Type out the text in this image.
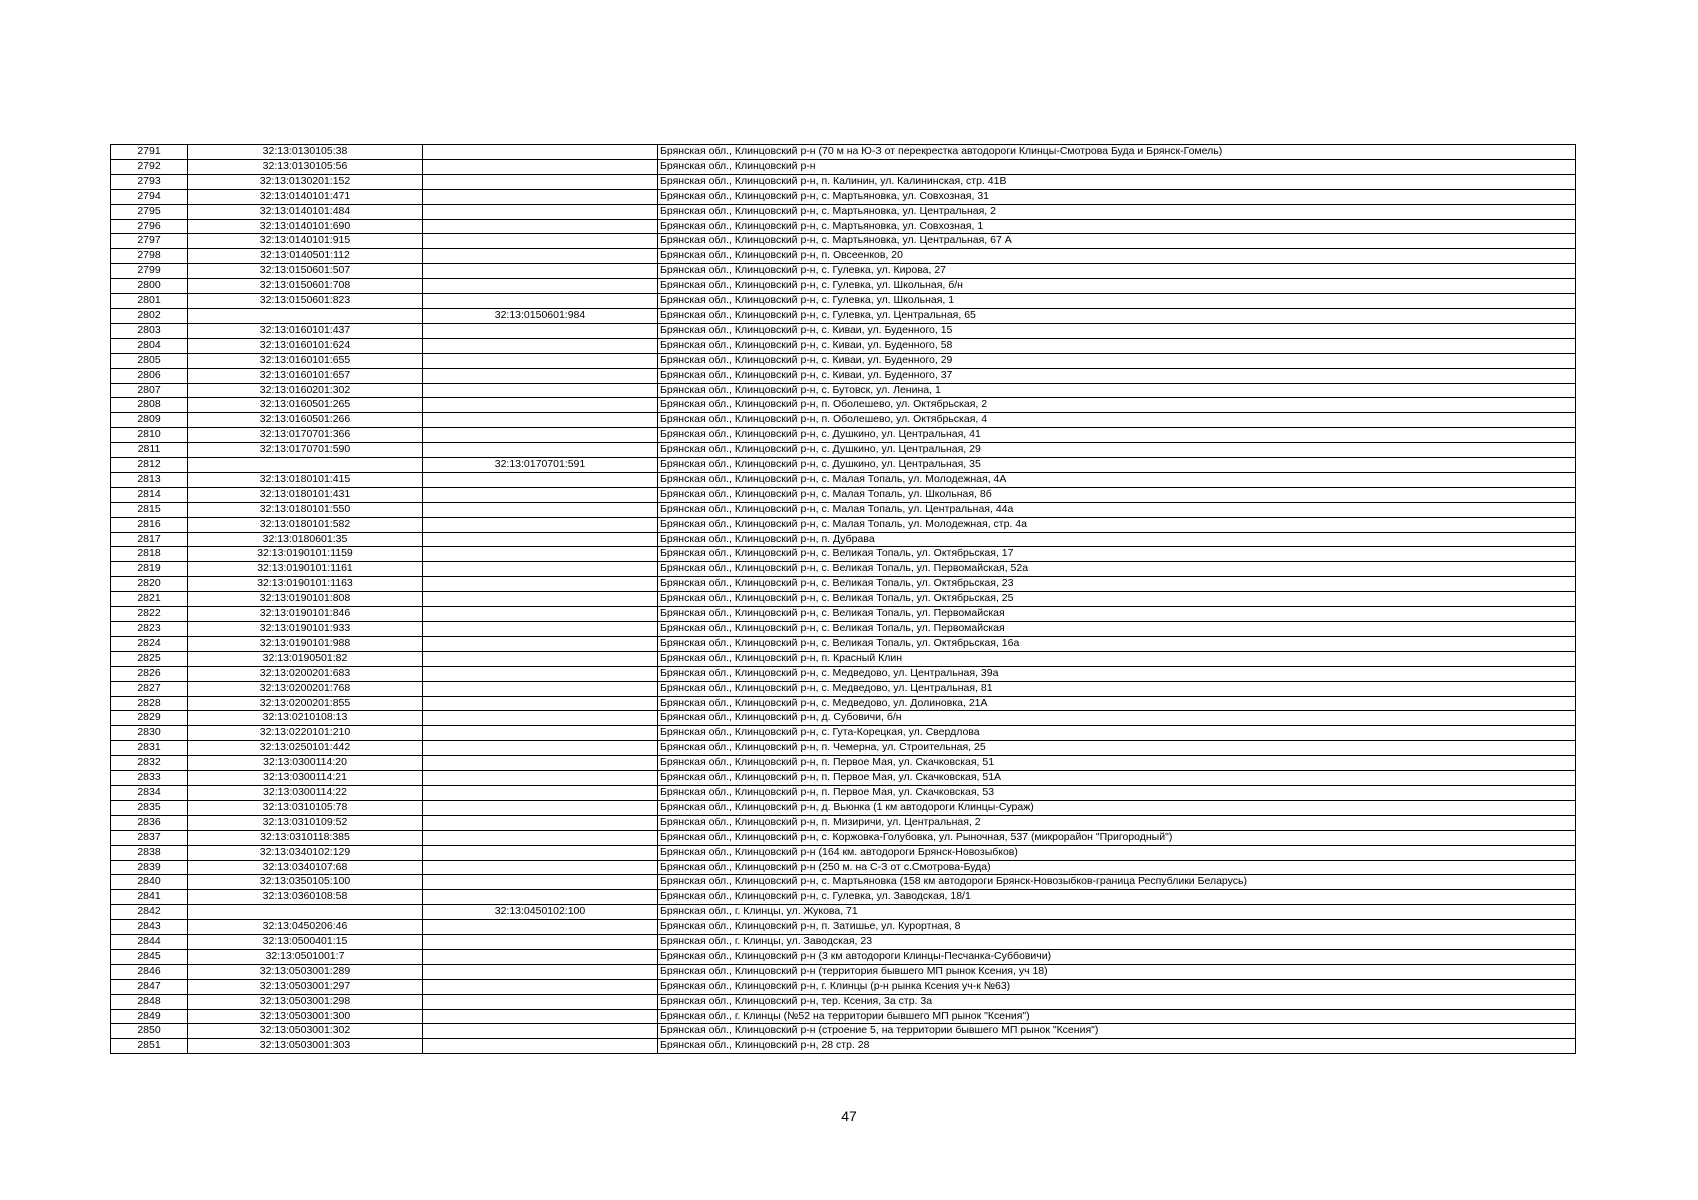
2791	32:13:0130105:38		Брянская обл., Клинцовский р-н (70 м на Ю-З от перекрестка автодороги Клинцы-Смотрова Буда и Брянск-Гомель)
2792	32:13:0130105:56		Брянская обл., Клинцовский р-н
2793	32:13:0130201:152		Брянская обл., Клинцовский р-н, п. Калинин, ул. Калининская, стр. 41В
2794	32:13:0140101:471		Брянская обл., Клинцовский р-н, с. Мартьяновка, ул. Совхозная, 31
2795	32:13:0140101:484		Брянская обл., Клинцовский р-н, с. Мартьяновка, ул. Центральная, 2
2796	32:13:0140101:690		Брянская обл., Клинцовский р-н, с. Мартьяновка, ул. Совхозная, 1
2797	32:13:0140101:915		Брянская обл., Клинцовский р-н, с. Мартьяновка, ул. Центральная, 67 А
2798	32:13:0140501:112		Брянская обл., Клинцовский р-н, п. Овсеенков, 20
2799	32:13:0150601:507		Брянская обл., Клинцовский р-н, с. Гулевка, ул. Кирова, 27
2800	32:13:0150601:708		Брянская обл., Клинцовский р-н, с. Гулевка, ул. Школьная, б/н
2801	32:13:0150601:823		Брянская обл., Клинцовский р-н, с. Гулевка, ул. Школьная, 1
2802		32:13:0150601:984	Брянская обл., Клинцовский р-н, с. Гулевка, ул. Центральная, 65
2803	32:13:0160101:437		Брянская обл., Клинцовский р-н, с. Киваи, ул. Буденного, 15
2804	32:13:0160101:624		Брянская обл., Клинцовский р-н, с. Киваи, ул. Буденного, 58
2805	32:13:0160101:655		Брянская обл., Клинцовский р-н, с. Киваи, ул. Буденного, 29
2806	32:13:0160101:657		Брянская обл., Клинцовский р-н, с. Киваи, ул. Буденного, 37
2807	32:13:0160201:302		Брянская обл., Клинцовский р-н, с. Бутовск, ул. Ленина, 1
2808	32:13:0160501:265		Брянская обл., Клинцовский р-н, п. Оболешево, ул. Октябрьская, 2
2809	32:13:0160501:266		Брянская обл., Клинцовский р-н, п. Оболешево, ул. Октябрьская, 4
2810	32:13:0170701:366		Брянская обл., Клинцовский р-н, с. Душкино, ул. Центральная, 41
2811	32:13:0170701:590		Брянская обл., Клинцовский р-н, с. Душкино, ул. Центральная, 29
2812		32:13:0170701:591	Брянская обл., Клинцовский р-н, с. Душкино, ул. Центральная, 35
2813	32:13:0180101:415		Брянская обл., Клинцовский р-н, с. Малая Топаль, ул. Молодежная, 4А
2814	32:13:0180101:431		Брянская обл., Клинцовский р-н, с. Малая Топаль, ул. Школьная, 8б
2815	32:13:0180101:550		Брянская обл., Клинцовский р-н, с. Малая Топаль, ул. Центральная, 44а
2816	32:13:0180101:582		Брянская обл., Клинцовский р-н, с. Малая Топаль, ул. Молодежная, стр. 4а
2817	32:13:0180601:35		Брянская обл., Клинцовский р-н, п. Дубрава
2818	32:13:0190101:1159		Брянская обл., Клинцовский р-н, с. Великая Топаль, ул. Октябрьская, 17
2819	32:13:0190101:1161		Брянская обл., Клинцовский р-н, с. Великая Топаль, ул. Первомайская, 52а
2820	32:13:0190101:1163		Брянская обл., Клинцовский р-н, с. Великая Топаль, ул. Октябрьская, 23
2821	32:13:0190101:808		Брянская обл., Клинцовский р-н, с. Великая Топаль, ул. Октябрьская, 25
2822	32:13:0190101:846		Брянская обл., Клинцовский р-н, с. Великая Топаль, ул. Первомайская
2823	32:13:0190101:933		Брянская обл., Клинцовский р-н, с. Великая Топаль, ул. Первомайская
2824	32:13:0190101:988		Брянская обл., Клинцовский р-н, с. Великая Топаль, ул. Октябрьская, 16а
2825	32:13:0190501:82		Брянская обл., Клинцовский р-н, п. Красный Клин
2826	32:13:0200201:683		Брянская обл., Клинцовский р-н, с. Медведово, ул. Центральная, 39а
2827	32:13:0200201:768		Брянская обл., Клинцовский р-н, с. Медведово, ул. Центральная, 81
2828	32:13:0200201:855		Брянская обл., Клинцовский р-н, с. Медведово, ул. Долиновка, 21А
2829	32:13:0210108:13		Брянская обл., Клинцовский р-н, д. Субовичи, б/н
2830	32:13:0220101:210		Брянская обл., Клинцовский р-н, с. Гута-Корецкая, ул. Свердлова
2831	32:13:0250101:442		Брянская обл., Клинцовский р-н, п. Чемерна, ул. Строительная, 25
2832	32:13:0300114:20		Брянская обл., Клинцовский р-н, п. Первое Мая, ул. Скачковская, 51
2833	32:13:0300114:21		Брянская обл., Клинцовский р-н, п. Первое Мая, ул. Скачковская, 51А
2834	32:13:0300114:22		Брянская обл., Клинцовский р-н, п. Первое Мая, ул. Скачковская, 53
2835	32:13:0310105:78		Брянская обл., Клинцовский р-н, д. Вьюнка (1 км автодороги Клинцы-Сураж)
2836	32:13:0310109:52		Брянская обл., Клинцовский р-н, п. Мизиричи, ул. Центральная, 2
2837	32:13:0310118:385		Брянская обл., Клинцовский р-н, с. Коржовка-Голубовка, ул. Рыночная, 537 (микрорайон "Пригородный")
2838	32:13:0340102:129		Брянская обл., Клинцовский р-н (164 км. автодороги Брянск-Новозыбков)
2839	32:13:0340107:68		Брянская обл., Клинцовский р-н (250 м. на С-З от с.Смотрова-Буда)
2840	32:13:0350105:100		Брянская обл., Клинцовский р-н, с. Мартьяновка (158 км автодороги Брянск-Новозыбков-граница Республики Беларусь)
2841	32:13:0360108:58		Брянская обл., Клинцовский р-н, с. Гулевка, ул. Заводская, 18/1
2842		32:13:0450102:100	Брянская обл., г. Клинцы, ул. Жукова, 71
2843	32:13:0450206:46		Брянская обл., Клинцовский р-н, п. Затишье, ул. Курортная, 8
2844	32:13:0500401:15		Брянская обл., г. Клинцы, ул. Заводская, 23
2845	32:13:0501001:7		Брянская обл., Клинцовский р-н (3 км автодороги Клинцы-Песчанка-Суббовичи)
2846	32:13:0503001:289		Брянская обл., Клинцовский р-н (территория бывшего МП рынок Ксения, уч 18)
2847	32:13:0503001:297		Брянская обл., Клинцовский р-н, г. Клинцы (р-н рынка Ксения уч-к №63)
2848	32:13:0503001:298		Брянская обл., Клинцовский р-н, тер. Ксения, 3а стр. 3а
2849	32:13:0503001:300		Брянская обл., г. Клинцы (№52 на территории бывшего МП рынок "Ксения")
2850	32:13:0503001:302		Брянская обл., Клинцовский р-н (строение 5, на территории бывшего МП рынок "Ксения")
2851	32:13:0503001:303		Брянская обл., Клинцовский р-н, 28 стр. 28
47
